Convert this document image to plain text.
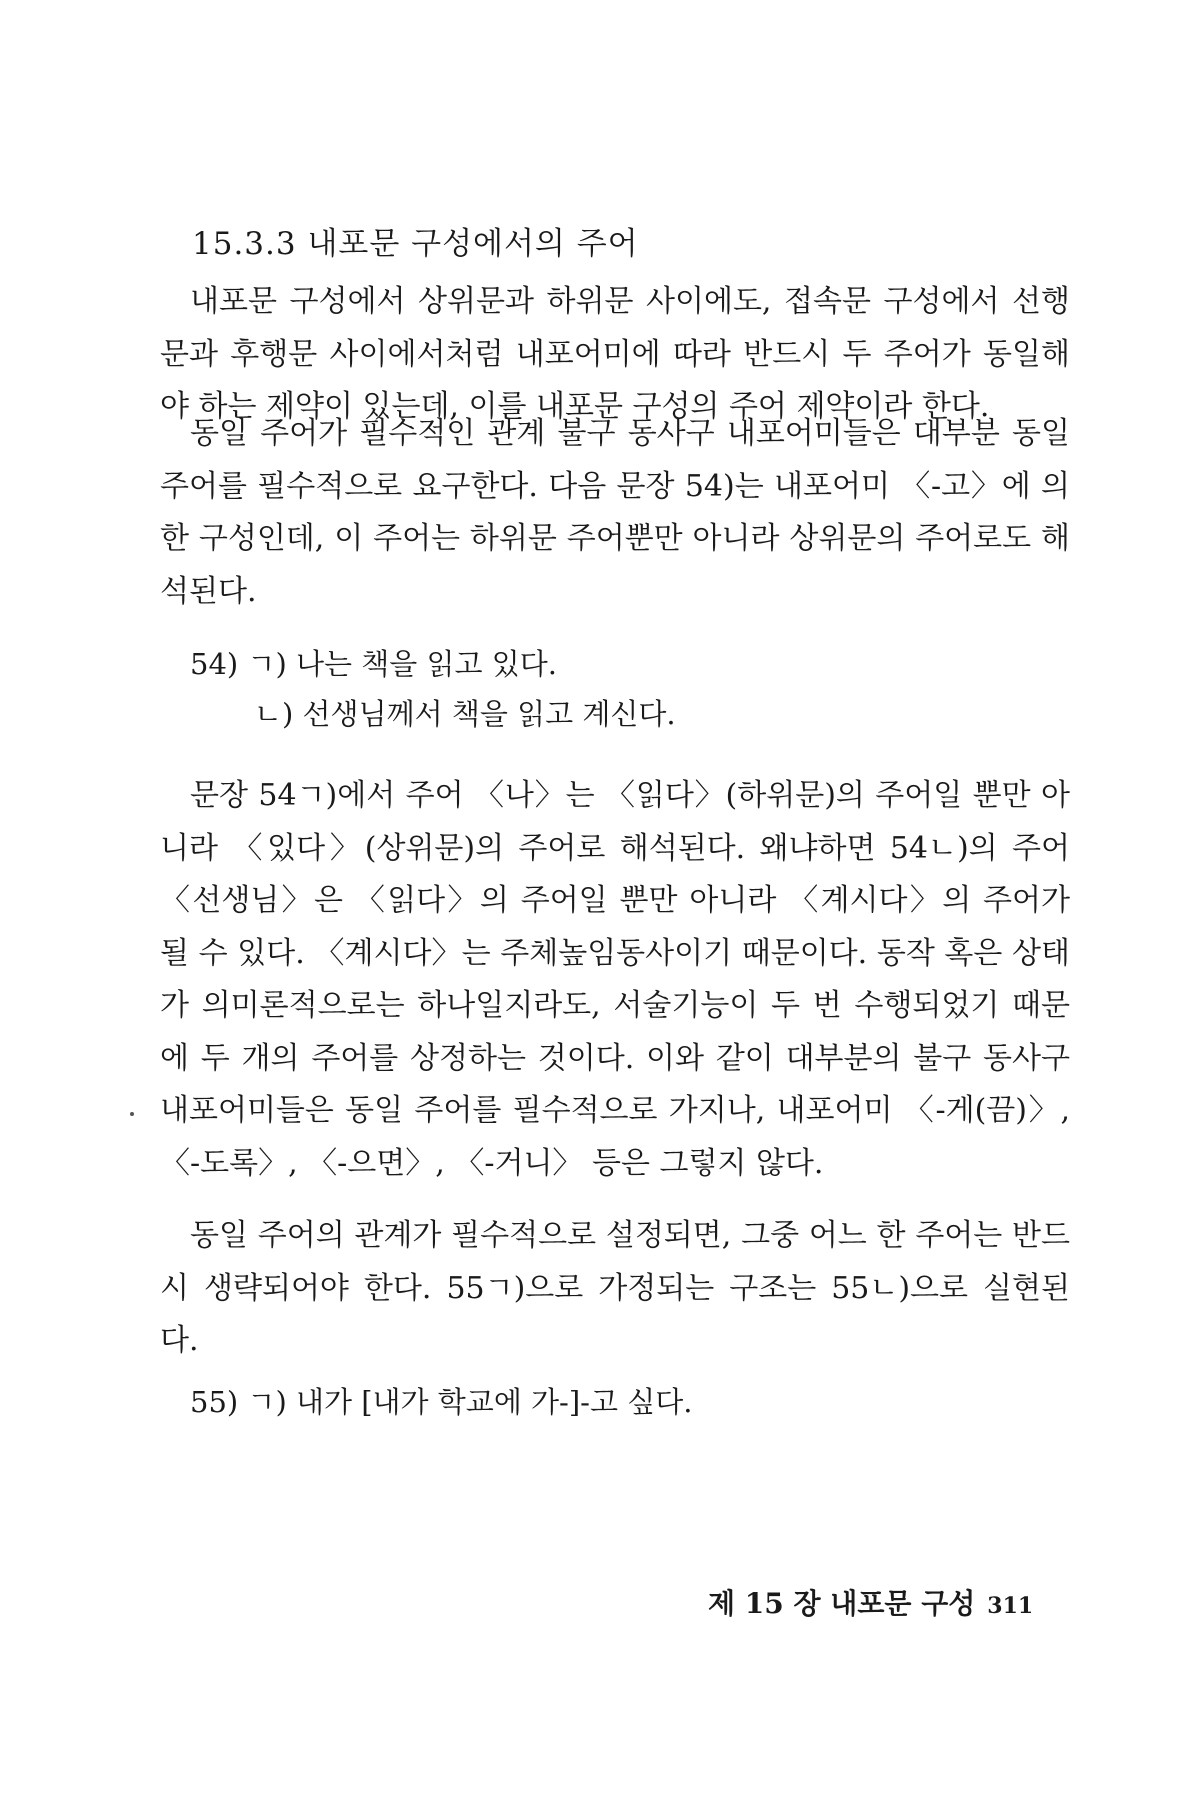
15.3.3 내포문 구성에서의 주어

내포문 구성에서 상위문과 하위문 사이에도, 접속문 구성에서 선행문과 후행문 사이에서처럼 내포어미에 따라 반드시 두 주어가 동일해야 하는 제약이 있는데, 이를 내포문 구성의 주어 제약이라 한다.

동일 주어가 필수적인 관계 불구 동사구 내포어미들은 대부분 동일 주어를 필수적으로 요구한다. 다음 문장 54)는 내포어미 〈-고〉에 의한 구성인데, 이 주어는 하위문 주어뿐만 아니라 상위문의 주어로도 해석된다.

54) ㄱ) 나는 책을 읽고 있다.
ㄴ) 선생님께서 책을 읽고 계신다.

문장 54ㄱ)에서 주어 〈나〉는 〈읽다〉(하위문)의 주어일 뿐만 아니라 〈있다〉(상위문)의 주어로 해석된다. 왜냐하면 54ㄴ)의 주어 〈선생님〉은 〈읽다〉의 주어일 뿐만 아니라 〈계시다〉의 주어가 될 수 있다. 〈계시다〉는 주체높임동사이기 때문이다. 동작 혹은 상태가 의미론적으로는 하나일지라도, 서술기능이 두 번 수행되었기 때문에 두 개의 주어를 상정하는 것이다. 이와 같이 대부분의 불구 동사구 내포어미들은 동일 주어를 필수적으로 가지나, 내포어미 〈-게(끔)〉, 〈-도록〉, 〈-으면〉, 〈-거니〉 등은 그렇지 않다.

동일 주어의 관계가 필수적으로 설정되면, 그중 어느 한 주어는 반드시 생략되어야 한다. 55ㄱ)으로 가정되는 구조는 55ㄴ)으로 실현된다.

55) ㄱ) 내가 [내가 학교에 가-]-고 싶다.
제 15 장 내포문 구성 311
